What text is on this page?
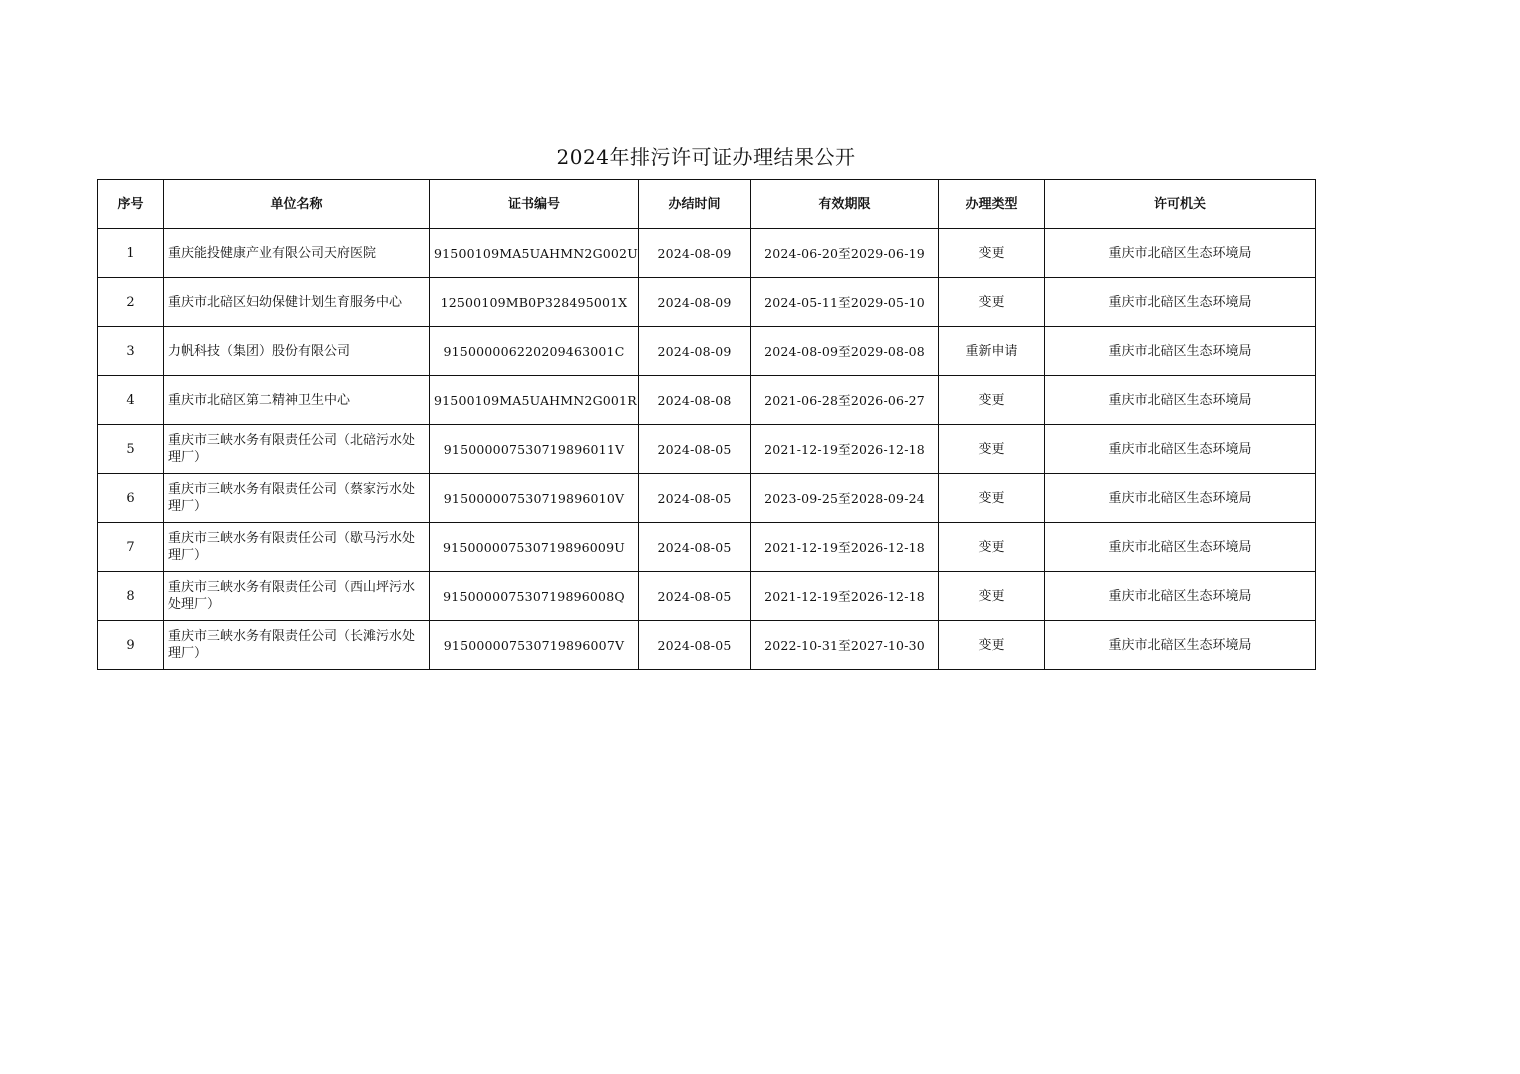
2024年排污许可证办理结果公开
序号	单位名称	证书编号	办结时间	有效期限	办理类型	许可机关
1	重庆能投健康产业有限公司天府医院	91500109MA5UAHMN2G002U	2024-08-09	2024-06-20至2029-06-19	变更	重庆市北碚区生态环境局
2	重庆市北碚区妇幼保健计划生育服务中心	12500109MB0P328495001X	2024-08-09	2024-05-11至2029-05-10	变更	重庆市北碚区生态环境局
3	力帆科技（集团）股份有限公司	915000006220209463001C	2024-08-09	2024-08-09至2029-08-08	重新申请	重庆市北碚区生态环境局
4	重庆市北碚区第二精神卫生中心	91500109MA5UAHMN2G001R	2024-08-08	2021-06-28至2026-06-27	变更	重庆市北碚区生态环境局
5	重庆市三峡水务有限责任公司（北碚污水处理厂）	915000007530719896011V	2024-08-05	2021-12-19至2026-12-18	变更	重庆市北碚区生态环境局
6	重庆市三峡水务有限责任公司（蔡家污水处理厂）	915000007530719896010V	2024-08-05	2023-09-25至2028-09-24	变更	重庆市北碚区生态环境局
7	重庆市三峡水务有限责任公司（歇马污水处理厂）	915000007530719896009U	2024-08-05	2021-12-19至2026-12-18	变更	重庆市北碚区生态环境局
8	重庆市三峡水务有限责任公司（西山坪污水处理厂）	915000007530719896008Q	2024-08-05	2021-12-19至2026-12-18	变更	重庆市北碚区生态环境局
9	重庆市三峡水务有限责任公司（长滩污水处理厂）	915000007530719896007V	2024-08-05	2022-10-31至2027-10-30	变更	重庆市北碚区生态环境局
